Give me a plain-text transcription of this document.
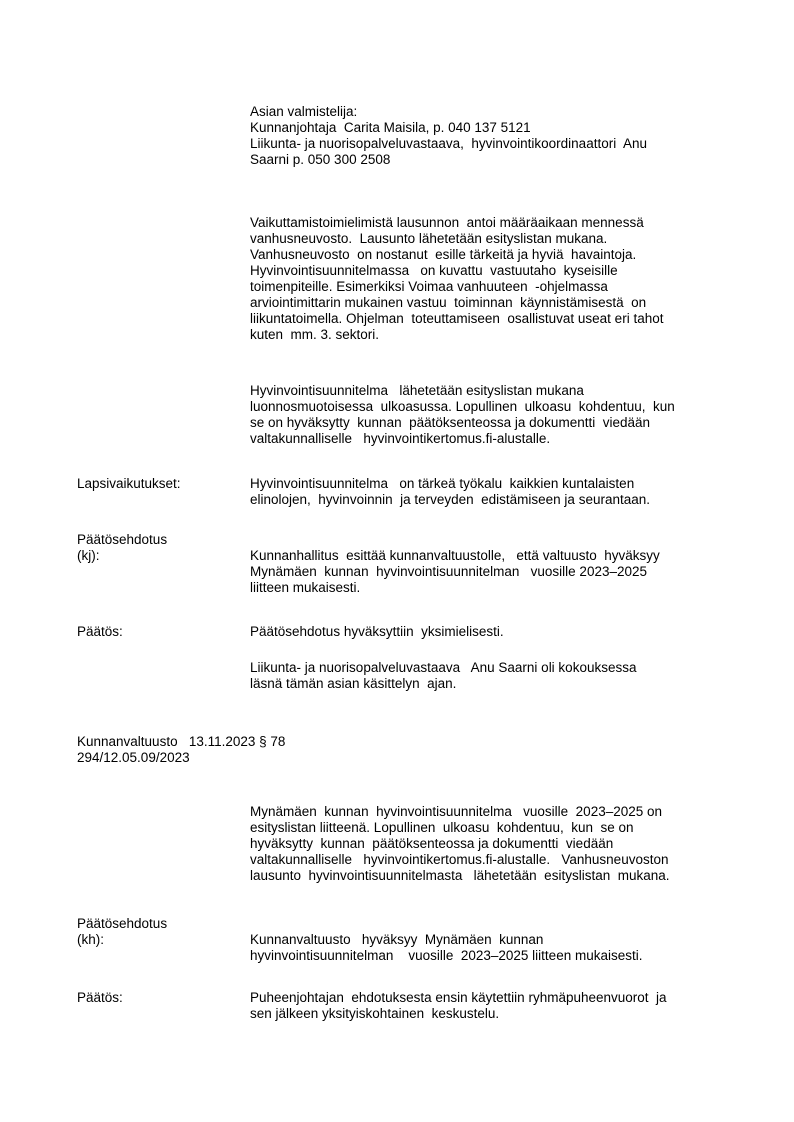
Asian valmistelija:
Kunnanjohtaja  Carita Maisila, p. 040 137 5121
Liikunta- ja nuorisopalveluvastaava,  hyvinvointikoordinaattori  Anu
Saarni p. 050 300 2508
Vaikuttamistoimielimistä lausunnon  antoi määräaikaan mennessä
vanhusneuvosto.  Lausunto lähetetään esityslistan mukana.
Vanhusneuvosto  on nostanut  esille tärkeitä ja hyviä  havaintoja.
Hyvinvointisuunnitelmassa   on kuvattu  vastuutaho  kyseisille
toimenpiteille. Esimerkiksi Voimaa vanhuuteen  -ohjelmassa
arviointimittarin mukainen vastuu  toiminnan  käynnistämisestä  on
liikuntatoimella. Ohjelman  toteuttamiseen  osallistuvat useat eri tahot
kuten  mm. 3. sektori.
Hyvinvointisuunnitelma   lähetetään esityslistan mukana
luonnosmuotoisessa  ulkoasussa. Lopullinen  ulkoasu  kohdentuu,  kun
se on hyväksytty  kunnan  päätöksenteossa ja dokumentti  viedään
valtakunnalliselle   hyvinvointikertomus.fi-alustalle.
Lapsivaikutukset:	Hyvinvointisuunnitelma   on tärkeä työkalu  kaikkien kuntalaisten
elinolojen,  hyvinvoinnin  ja terveyden  edistämiseen ja seurantaan.
Päätösehdotus
(kj):	Kunnanhallitus  esittää kunnanvaltuustolle,   että valtuusto  hyväksyy
Mynämäen  kunnan  hyvinvointisuunnitelman   vuosille 2023–2025
liitteen mukaisesti.
Päätös:	Päätösehdotus hyväksyttiin  yksimielisesti.
Liikunta- ja nuorisopalveluvastaava   Anu Saarni oli kokouksessa
läsnä tämän asian käsittelyn  ajan.
Kunnanvaltuusto   13.11.2023 § 78
294/12.05.09/2023
Mynämäen  kunnan  hyvinvointisuunnitelma   vuosille  2023–2025 on
esityslistan liitteenä. Lopullinen  ulkoasu  kohdentuu,  kun  se on
hyväksytty  kunnan  päätöksenteossa ja dokumentti  viedään
valtakunnalliselle   hyvinvointikertomus.fi-alustalle.   Vanhusneuvoston
lausunto  hyvinvointisuunnitelmasta   lähetetään  esityslistan  mukana.
Päätösehdotus
(kh):	Kunnanvaltuusto   hyväksyy  Mynämäen  kunnan
hyvinvointisuunnitelman    vuosille  2023–2025 liitteen mukaisesti.
Päätös:	Puheenjohtajan  ehdotuksesta ensin käytettiin ryhmäpuheenvuorot  ja
sen jälkeen yksityiskohtainen  keskustelu.
